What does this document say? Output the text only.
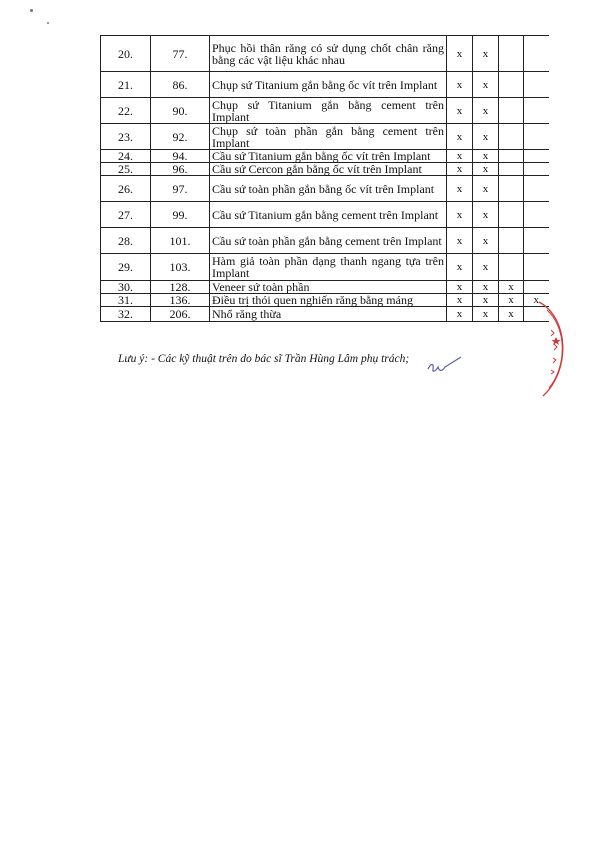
20.	77.	Phục hồi thân răng có sử dụng chốt chân răng bằng các vật liệu khác nhau	x	x		
21.	86.	Chụp sứ Titanium gắn bằng ốc vít trên Implant	x	x		
22.	90.	Chụp sứ Titanium gắn bằng cement trên Implant	x	x		
23.	92.	Chụp sứ toàn phần gắn bằng cement trên Implant	x	x		
24.	94.	Cầu sứ Titanium gắn bằng ốc vít trên Implant	x	x		
25.	96.	Cầu sứ Cercon gắn bằng ốc vít trên Implant	x	x		
26.	97.	Cầu sứ toàn phần gắn bằng ốc vít trên Implant	x	x		
27.	99.	Cầu sứ Titanium gắn bằng cement trên Implant	x	x		
28.	101.	Cầu sứ toàn phần gắn bằng cement trên Implant	x	x		
29.	103.	Hàm giả toàn phần dạng thanh ngang tựa trên Implant	x	x		
30.	128.	Veneer sứ toàn phần	x	x	x	
31.	136.	Điều trị thói quen nghiến răng bằng máng	x	x	x	x
32.	206.	Nhổ răng thừa	x	x	x	
Lưu ý: - Các kỹ thuật trên do bác sĩ Trần Hùng Lâm phụ trách;
